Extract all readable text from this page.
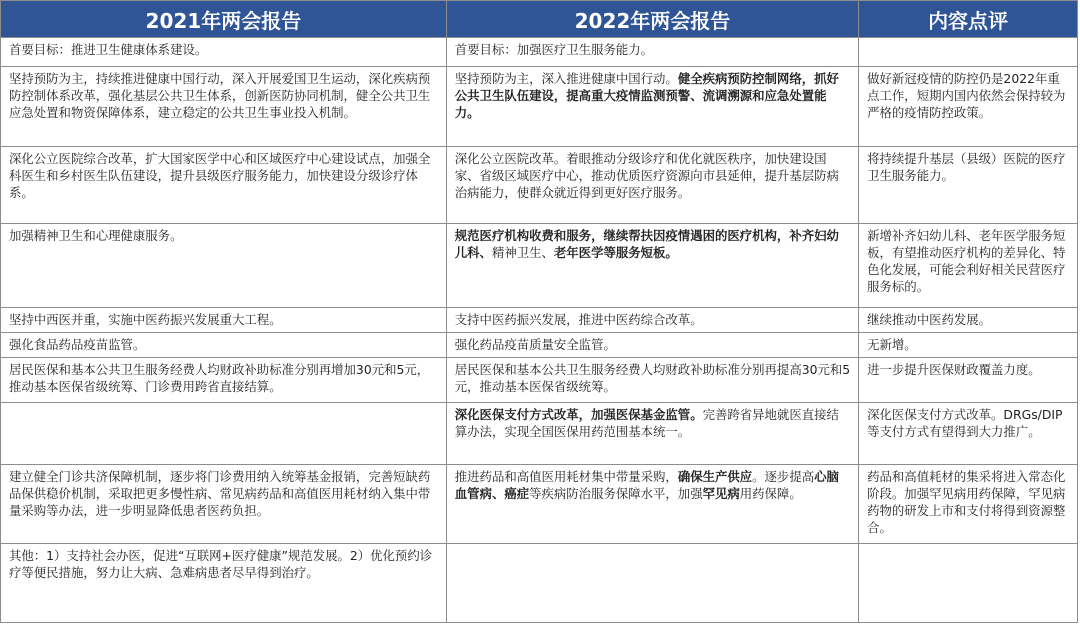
2021年两会报告	2022年两会报告	内容点评
首要目标：推进卫生健康体系建设。	首要目标：加强医疗卫生服务能力。	
坚持预防为主，持续推进健康中国行动，深入开展爱国卫生运动，深化疾病预防控制体系改革，强化基层公共卫生体系，创新医防协同机制，健全公共卫生应急处置和物资保障体系，建立稳定的公共卫生事业投入机制。	坚持预防为主，深入推进健康中国行动。健全疾病预防控制网络，抓好公共卫生队伍建设，提高重大疫情监测预警、流调溯源和应急处置能力。	做好新冠疫情的防控仍是2022年重点工作，短期内国内依然会保持较为严格的疫情防控政策。
深化公立医院综合改革，扩大国家医学中心和区域医疗中心建设试点，加强全科医生和乡村医生队伍建设，提升县级医疗服务能力，加快建设分级诊疗体系。	深化公立医院改革。着眼推动分级诊疗和优化就医秩序，加快建设国家、省级区域医疗中心，推动优质医疗资源向市县延伸，提升基层防病治病能力，使群众就近得到更好医疗服务。	将持续提升基层（县级）医院的医疗卫生服务能力。
加强精神卫生和心理健康服务。	规范医疗机构收费和服务，继续帮扶因疫情遇困的医疗机构，补齐妇幼儿科、精神卫生、老年医学等服务短板。	新增补齐妇幼儿科、老年医学服务短板，有望推动医疗机构的差异化、特色化发展，可能会利好相关民营医疗服务标的。
坚持中西医并重，实施中医药振兴发展重大工程。	支持中医药振兴发展，推进中医药综合改革。	继续推动中医药发展。
强化食品药品疫苗监管。	强化药品疫苗质量安全监管。	无新增。
居民医保和基本公共卫生服务经费人均财政补助标准分别再增加30元和5元，推动基本医保省级统筹、门诊费用跨省直接结算。	居民医保和基本公共卫生服务经费人均财政补助标准分别再提高30元和5元，推动基本医保省级统筹。	进一步提升医保财政覆盖力度。
	深化医保支付方式改革，加强医保基金监管。完善跨省异地就医直接结算办法，实现全国医保用药范围基本统一。	深化医保支付方式改革。DRGs/DIP等支付方式有望得到大力推广。
建立健全门诊共济保障机制，逐步将门诊费用纳入统筹基金报销，完善短缺药品保供稳价机制，采取把更多慢性病、常见病药品和高值医用耗材纳入集中带量采购等办法，进一步明显降低患者医药负担。	推进药品和高值医用耗材集中带量采购，确保生产供应。逐步提高心脑血管病、癌症等疾病防治服务保障水平，加强罕见病用药保障。	药品和高值耗材的集采将进入常态化阶段。加强罕见病用药保障，罕见病药物的研发上市和支付将得到资源整合。
其他：1）支持社会办医，促进“互联网+医疗健康”规范发展。2）优化预约诊疗等便民措施，努力让大病、急难病患者尽早得到治疗。		
